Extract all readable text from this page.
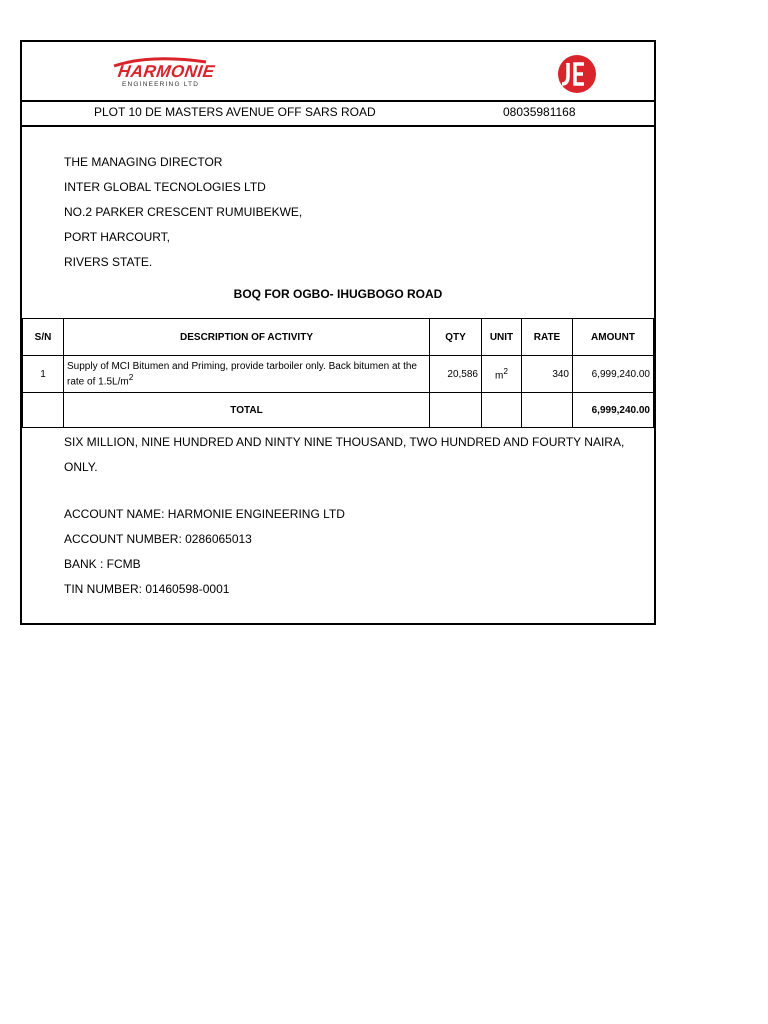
HARMONIE
ENGINEERING LTD
PLOT 10 DE MASTERS AVENUE OFF SARS ROAD	08035981168

THE MANAGING DIRECTOR

INTER GLOBAL TECNOLOGIES LTD

NO.2 PARKER CRESCENT RUMUIBEKWE,

PORT HARCOURT,

RIVERS STATE.

BOQ FOR OGBO- IHUGBOGO ROAD
S/N	DESCRIPTION OF ACTIVITY	QTY	UNIT	RATE	AMOUNT
1	Supply of MCI Bitumen and Priming, provide tarboiler only. Back bitumen at the rate of $1.5L/m^2$	20,586	$m^2$	340	6,999,240.00
	TOTAL				6,999,240.00
SIX MILLION, NINE HUNDRED AND NINTY NINE THOUSAND, TWO HUNDRED AND FOURTY NAIRA, ONLY.

ACCOUNT NAME: HARMONIE ENGINEERING LTD

ACCOUNT NUMBER: 0286065013

BANK : FCMB

TIN NUMBER: 01460598-0001
